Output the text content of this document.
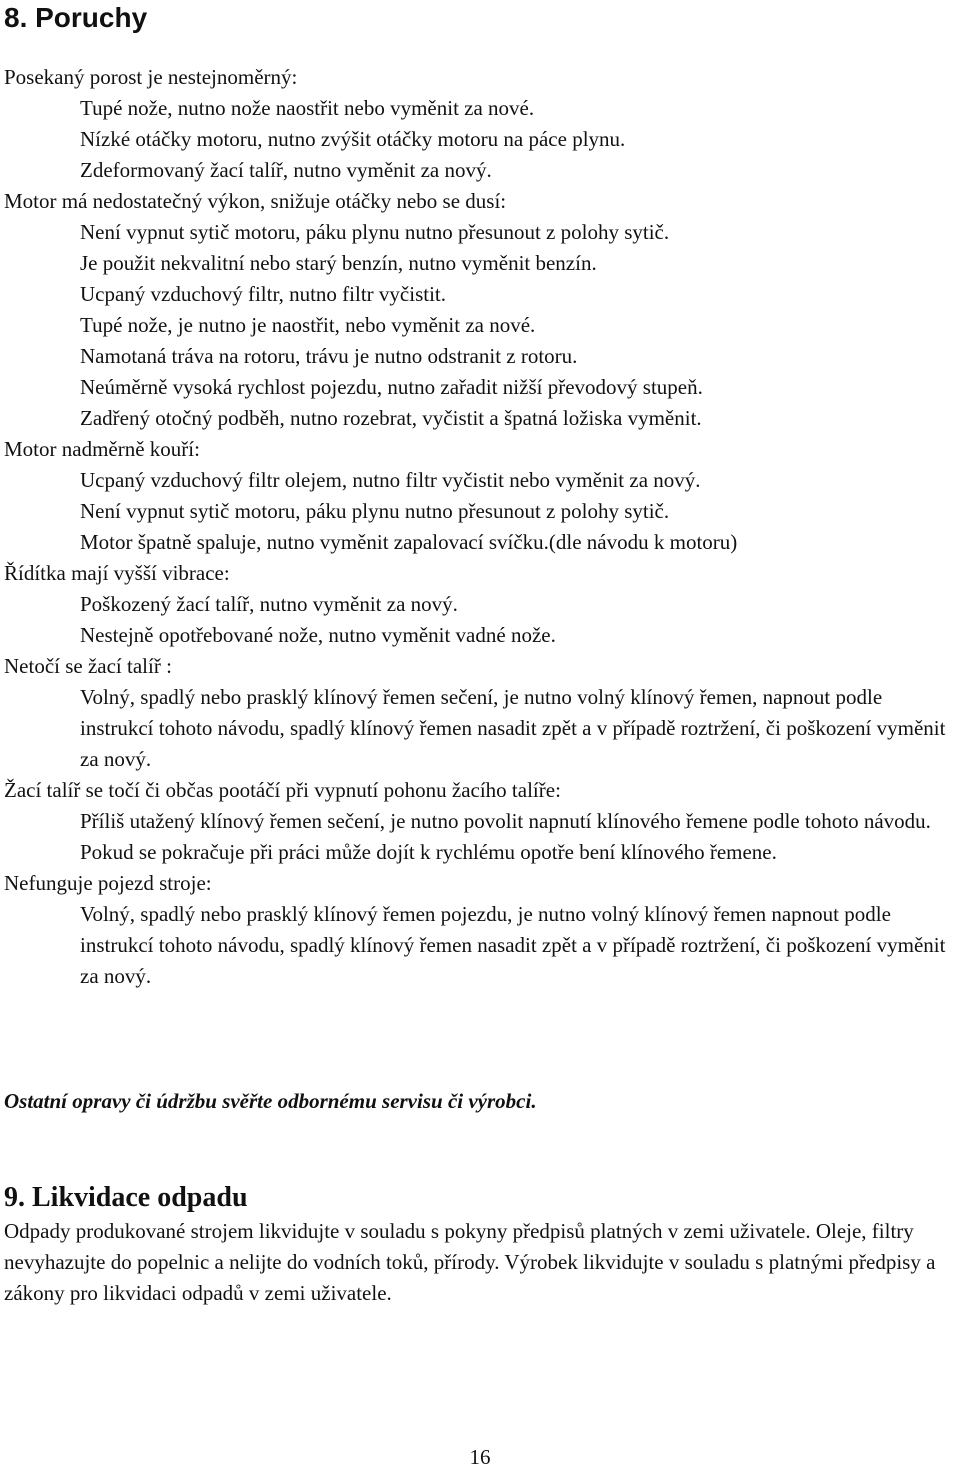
8. Poruchy
Posekaný porost je nestejnoměrný:
Tupé nože, nutno nože naostřit nebo vyměnit za nové.
Nízké otáčky motoru, nutno zvýšit otáčky motoru na páce plynu.
Zdeformovaný žací talíř, nutno vyměnit za nový.
Motor má nedostatečný výkon, snižuje otáčky nebo se dusí:
Není vypnut sytič motoru, páku plynu nutno přesunout z polohy sytič.
Je použit nekvalitní nebo starý benzín, nutno vyměnit benzín.
Ucpaný vzduchový filtr, nutno filtr vyčistit.
Tupé nože, je nutno je naostřit, nebo vyměnit za nové.
Namotaná tráva na rotoru, trávu je nutno odstranit z rotoru.
Neúměrně vysoká rychlost pojezdu, nutno zařadit nižší převodový stupeň.
Zadřený otočný podběh, nutno rozebrat, vyčistit a špatná ložiska vyměnit.
Motor nadměrně kouří:
Ucpaný vzduchový filtr olejem, nutno filtr vyčistit nebo vyměnit za nový.
Není vypnut sytič motoru, páku plynu nutno přesunout z polohy sytič.
Motor špatně spaluje, nutno vyměnit zapalovací svíčku.(dle návodu k motoru)
Řídítka mají vyšší vibrace:
Poškozený žací talíř, nutno vyměnit za nový.
Nestejně opotřebované nože, nutno vyměnit vadné nože.
Netočí se žací talíř :
Volný, spadlý nebo prasklý klínový řemen sečení, je nutno volný klínový řemen, napnout podle instrukcí tohoto návodu, spadlý klínový řemen nasadit zpět a v případě roztržení, či poškození vyměnit za nový.
Žací talíř se točí či občas pootáčí při vypnutí pohonu žacího talíře:
Příliš utažený klínový řemen sečení, je nutno povolit napnutí klínového řemene podle tohoto návodu. Pokud se pokračuje při práci může dojít k rychlému opotře bení klínového řemene.
Nefunguje pojezd stroje:
Volný, spadlý nebo prasklý klínový řemen pojezdu, je nutno volný klínový řemen napnout podle instrukcí tohoto návodu, spadlý klínový řemen nasadit zpět a v případě roztržení, či poškození vyměnit za nový.

Ostatní opravy či údržbu svěřte odbornému servisu či výrobci.

9. Likvidace odpadu

Odpady produkované strojem likvidujte v souladu s pokyny předpisů platných v zemi uživatele. Oleje, filtry nevyhazujte do popelnic a nelijte do vodních toků, přírody. Výrobek likvidujte v souladu s platnými předpisy a zákony pro likvidaci odpadů v zemi uživatele.

16
